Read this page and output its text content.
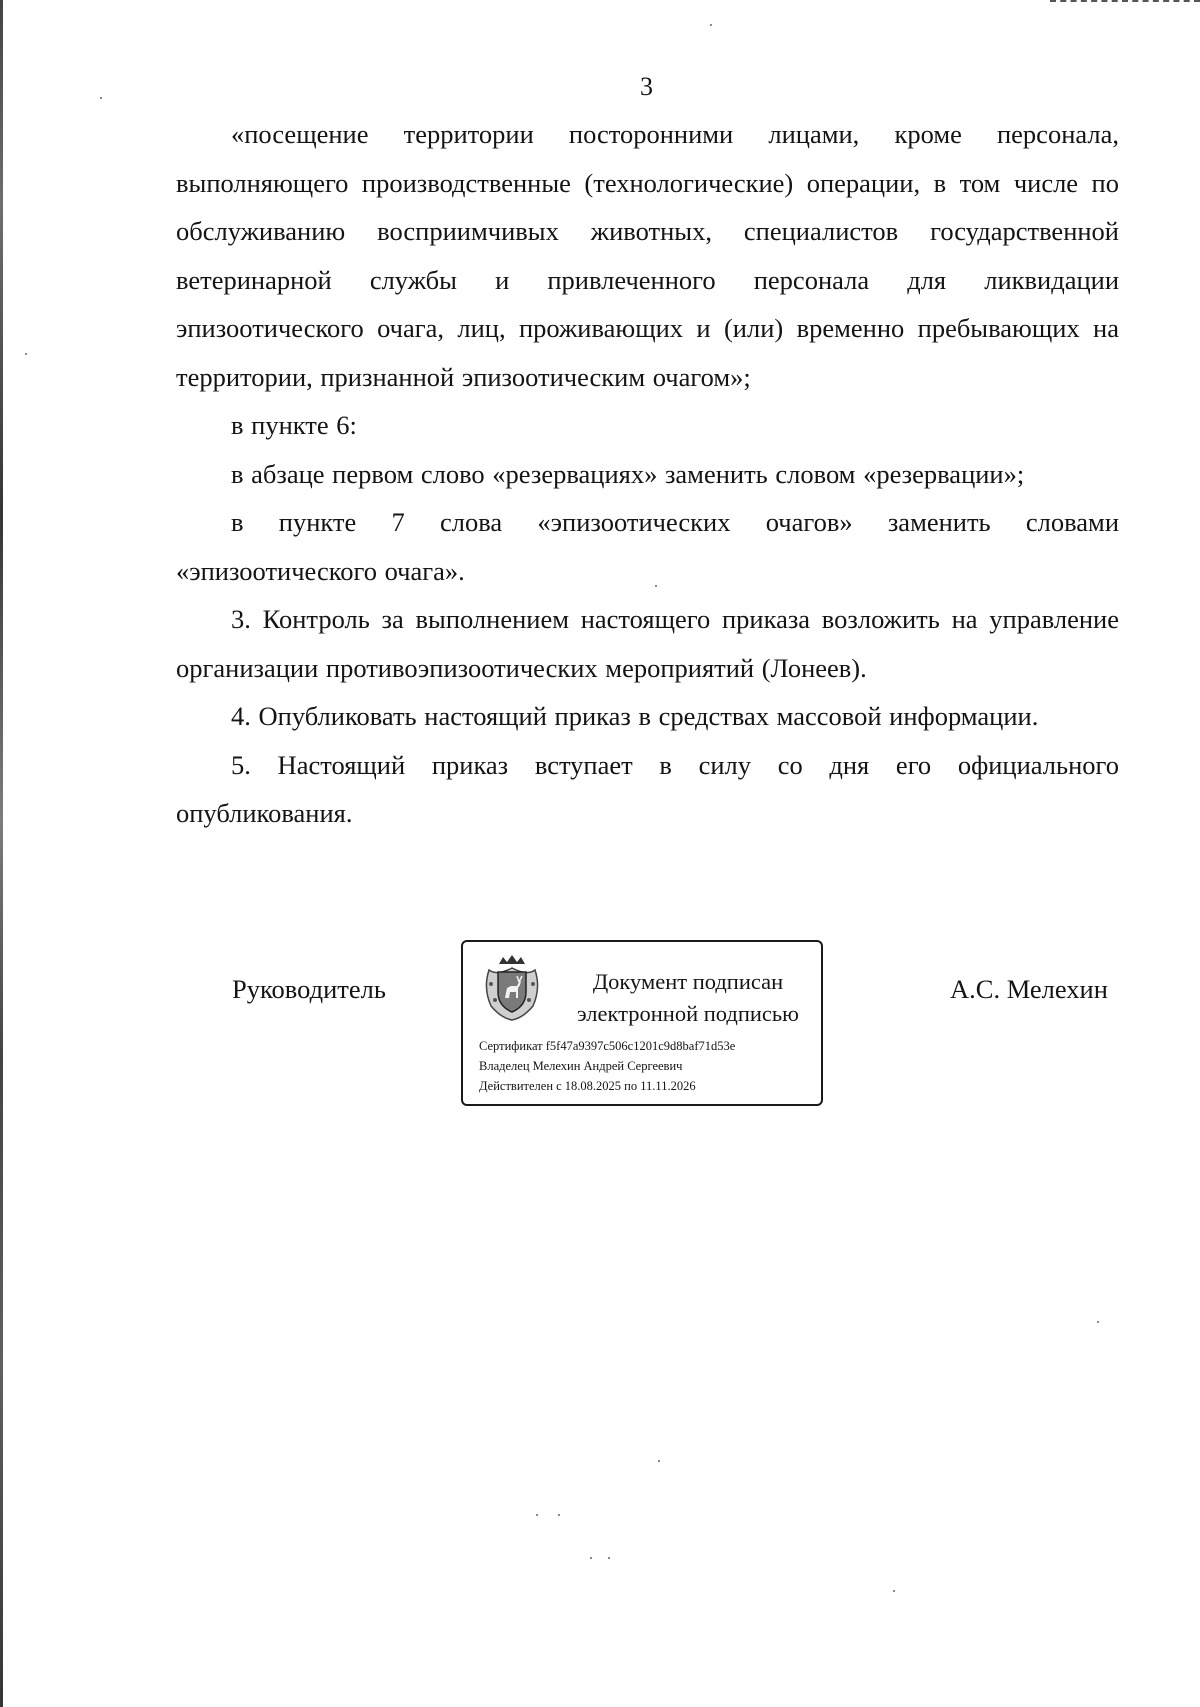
3

«посещение территории посторонними лицами, кроме персонала, выполняющего производственные (технологические) операции, в том числе по обслуживанию восприимчивых животных, специалистов государственной ветеринарной службы и привлеченного персонала для ликвидации эпизоотического очага, лиц, проживающих и (или) временно пребывающих на территории, признанной эпизоотическим очагом»;

в пункте 6:

в абзаце первом слово «резервациях» заменить словом «резервации»;

в пункте 7 слова «эпизоотических очагов» заменить словами «эпизоотического очага».

3. Контроль за выполнением настоящего приказа возложить на управление организации противоэпизоотических мероприятий (Лонеев).

4. Опубликовать настоящий приказ в средствах массовой информации.

5. Настоящий приказ вступает в силу со дня его официального опубликования.

Руководитель	Документ подписан
электронной подписью
Сертификат f5f47a9397c506c1201c9d8baf71d53e
Владелец Мелехин Андрей Сергеевич
Действителен с 18.08.2025 по 11.11.2026
А.С. Мелехин
